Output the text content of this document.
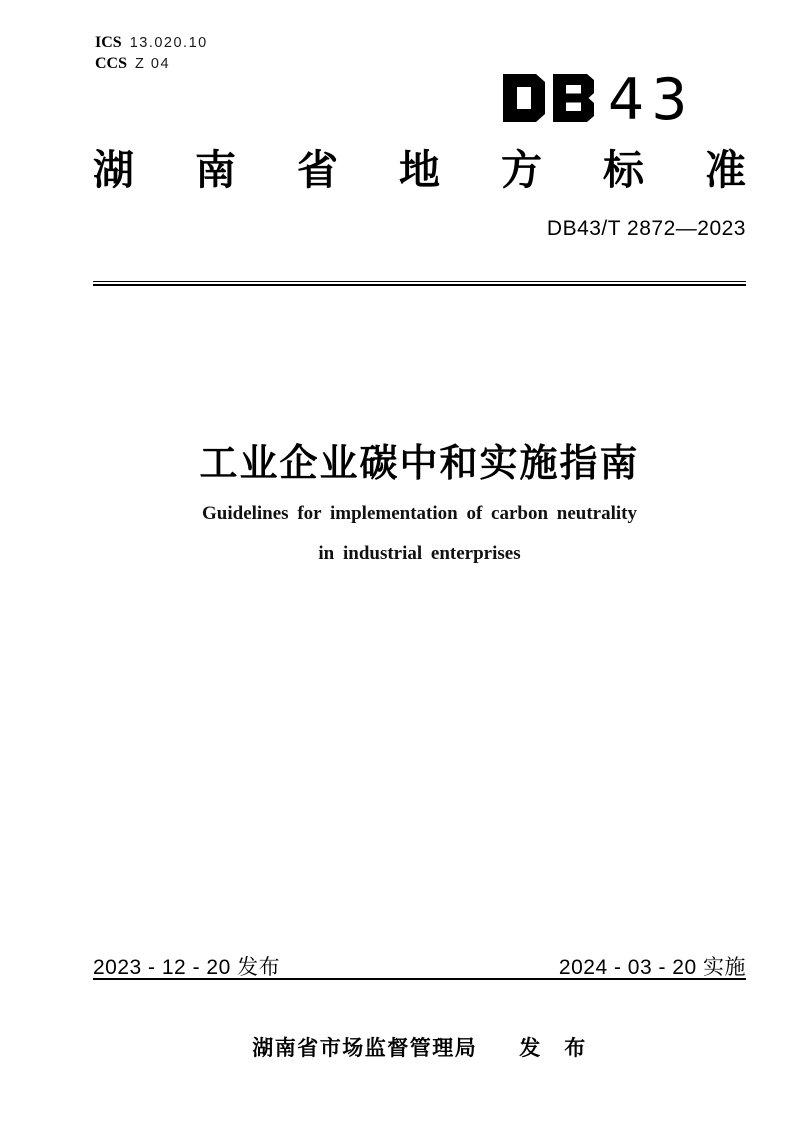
ICS 13.020.10
CCS Z 04
43
湖 南 省 地 方 标 准
DB43/T 2872—2023
工业企业碳中和实施指南
Guidelines for implementation of carbon neutrality
in industrial enterprises
2023 - 12 - 20 发布	2024 - 03 - 20 实施
湖南省市场监督管理局 发　布
